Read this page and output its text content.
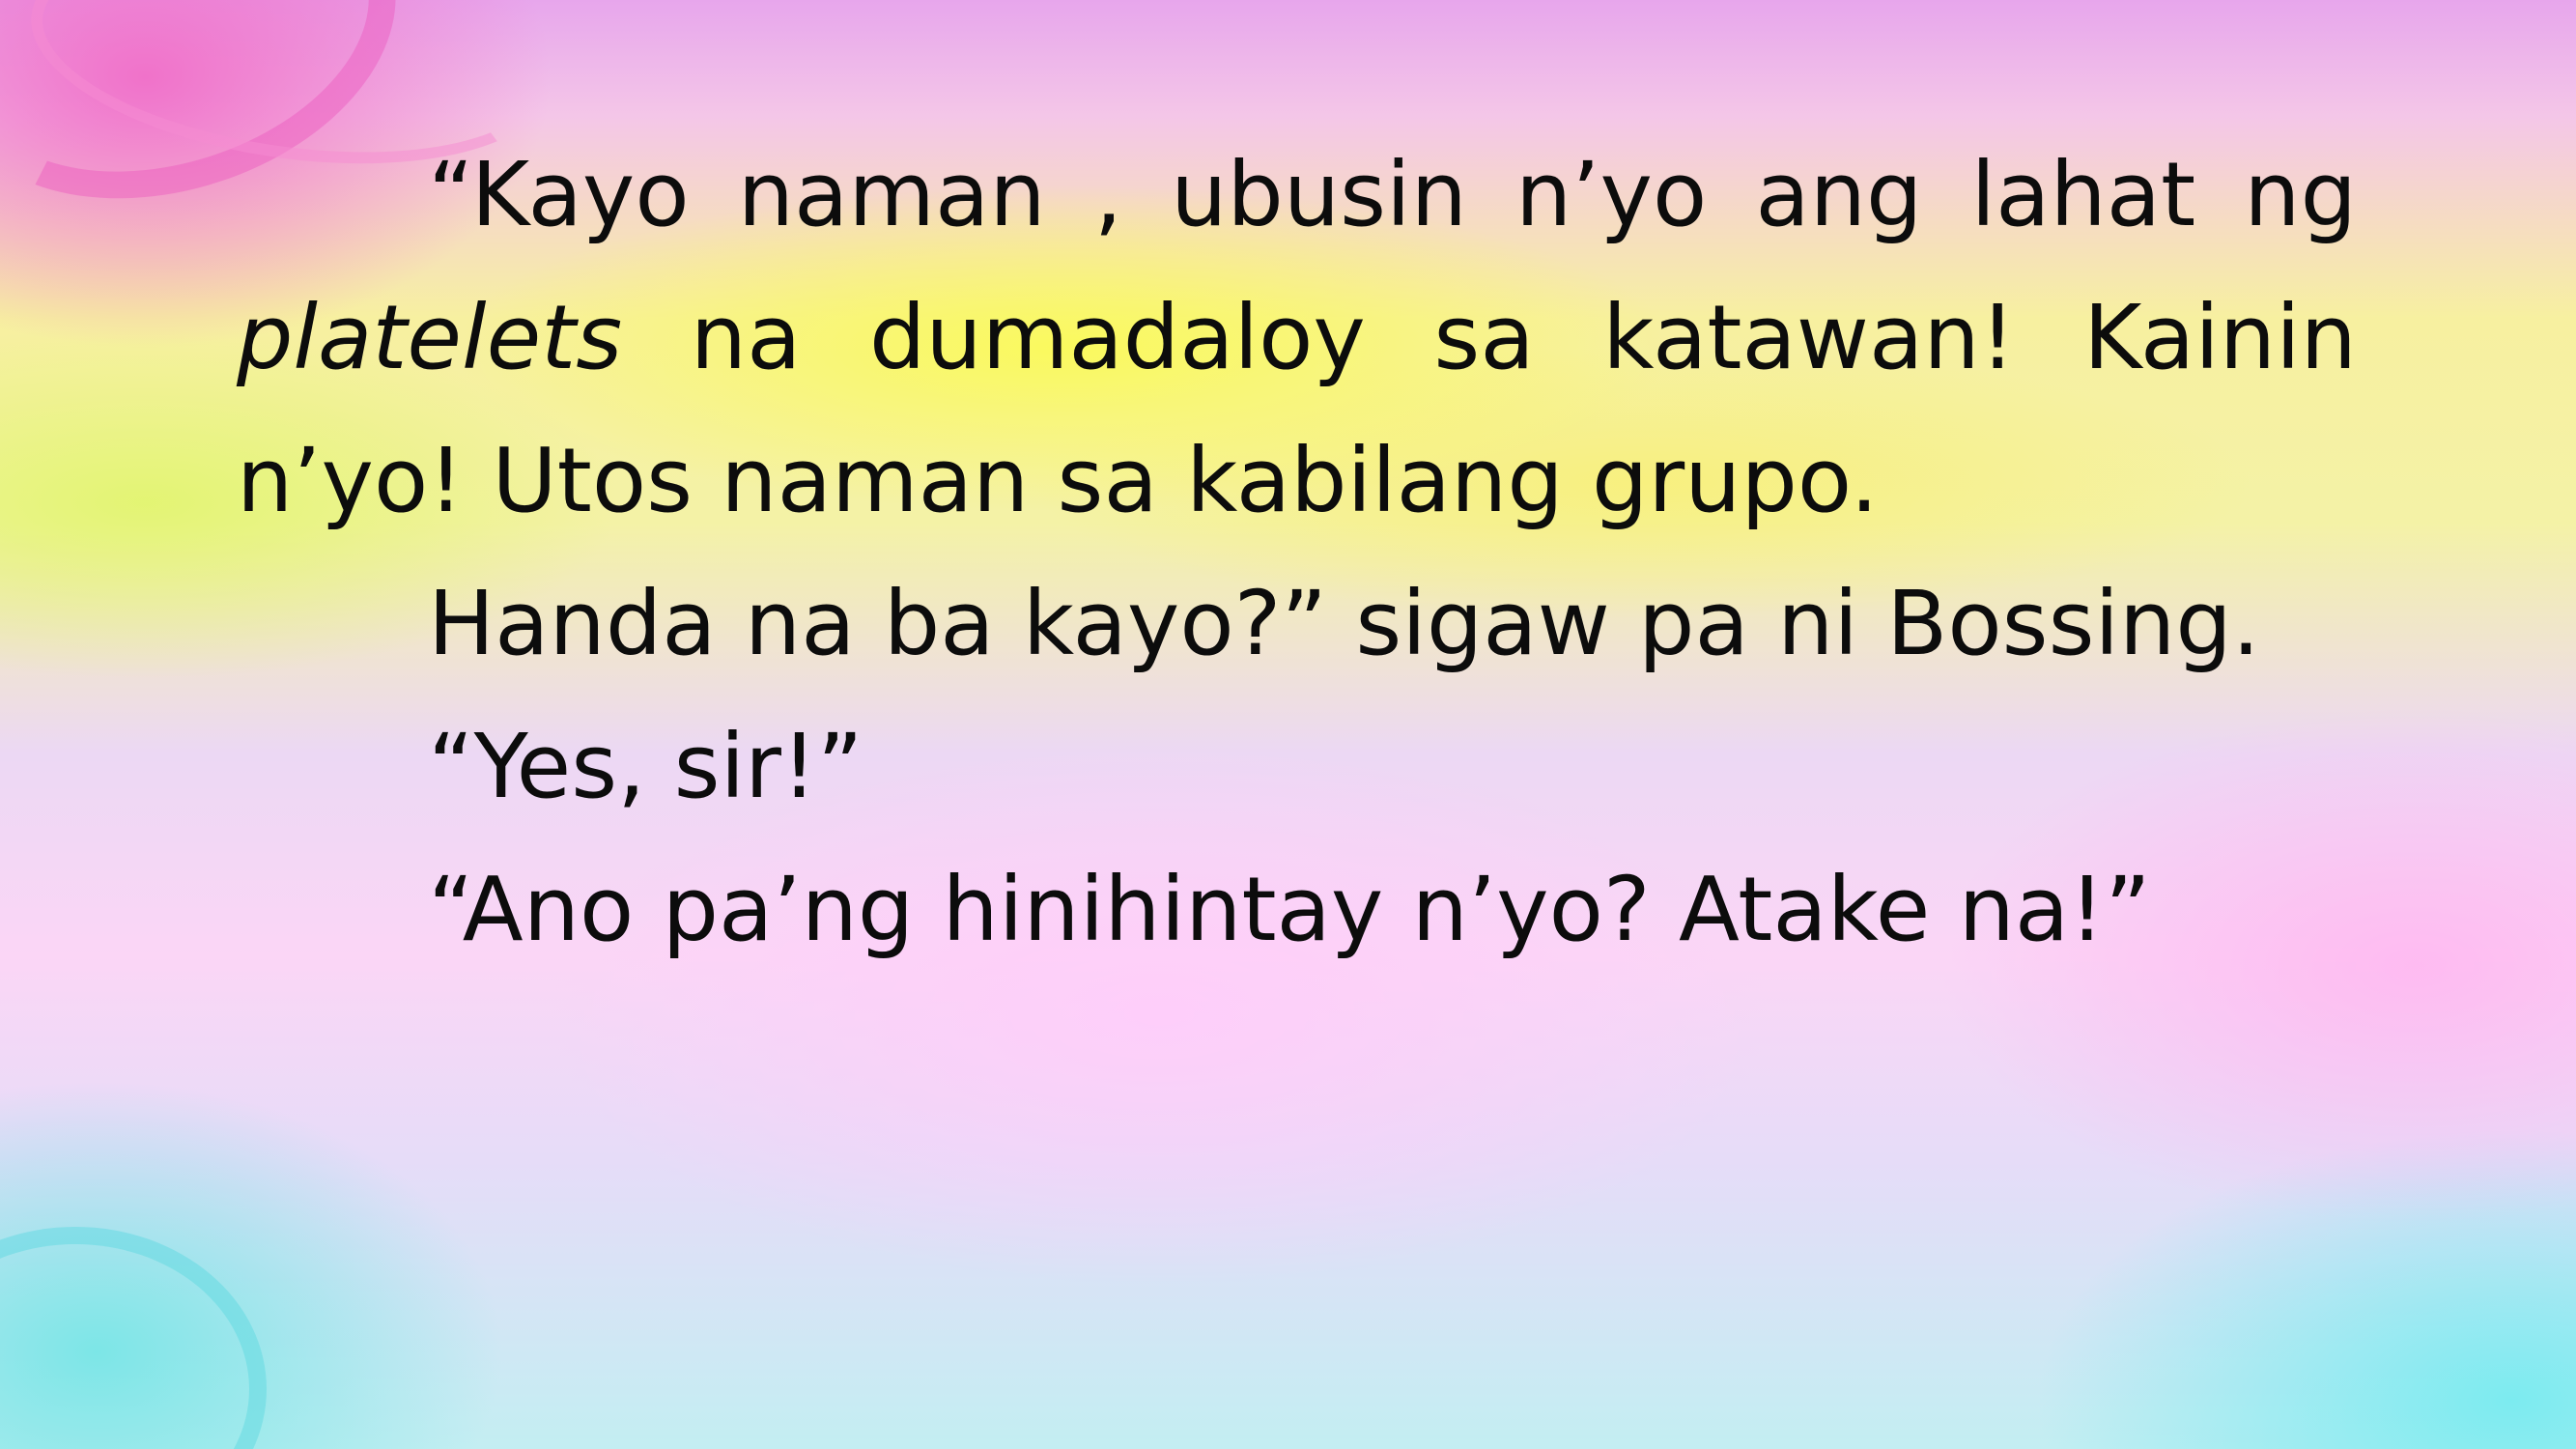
“Kayo naman , ubusin n’yo ang lahat ng platelets na dumadaloy sa katawan! Kainin n’yo! Utos naman sa kabilang grupo.

Handa na ba kayo?” sigaw pa ni Bossing.

“Yes, sir!”

“Ano pa’ng hinihintay n’yo? Atake na!”
